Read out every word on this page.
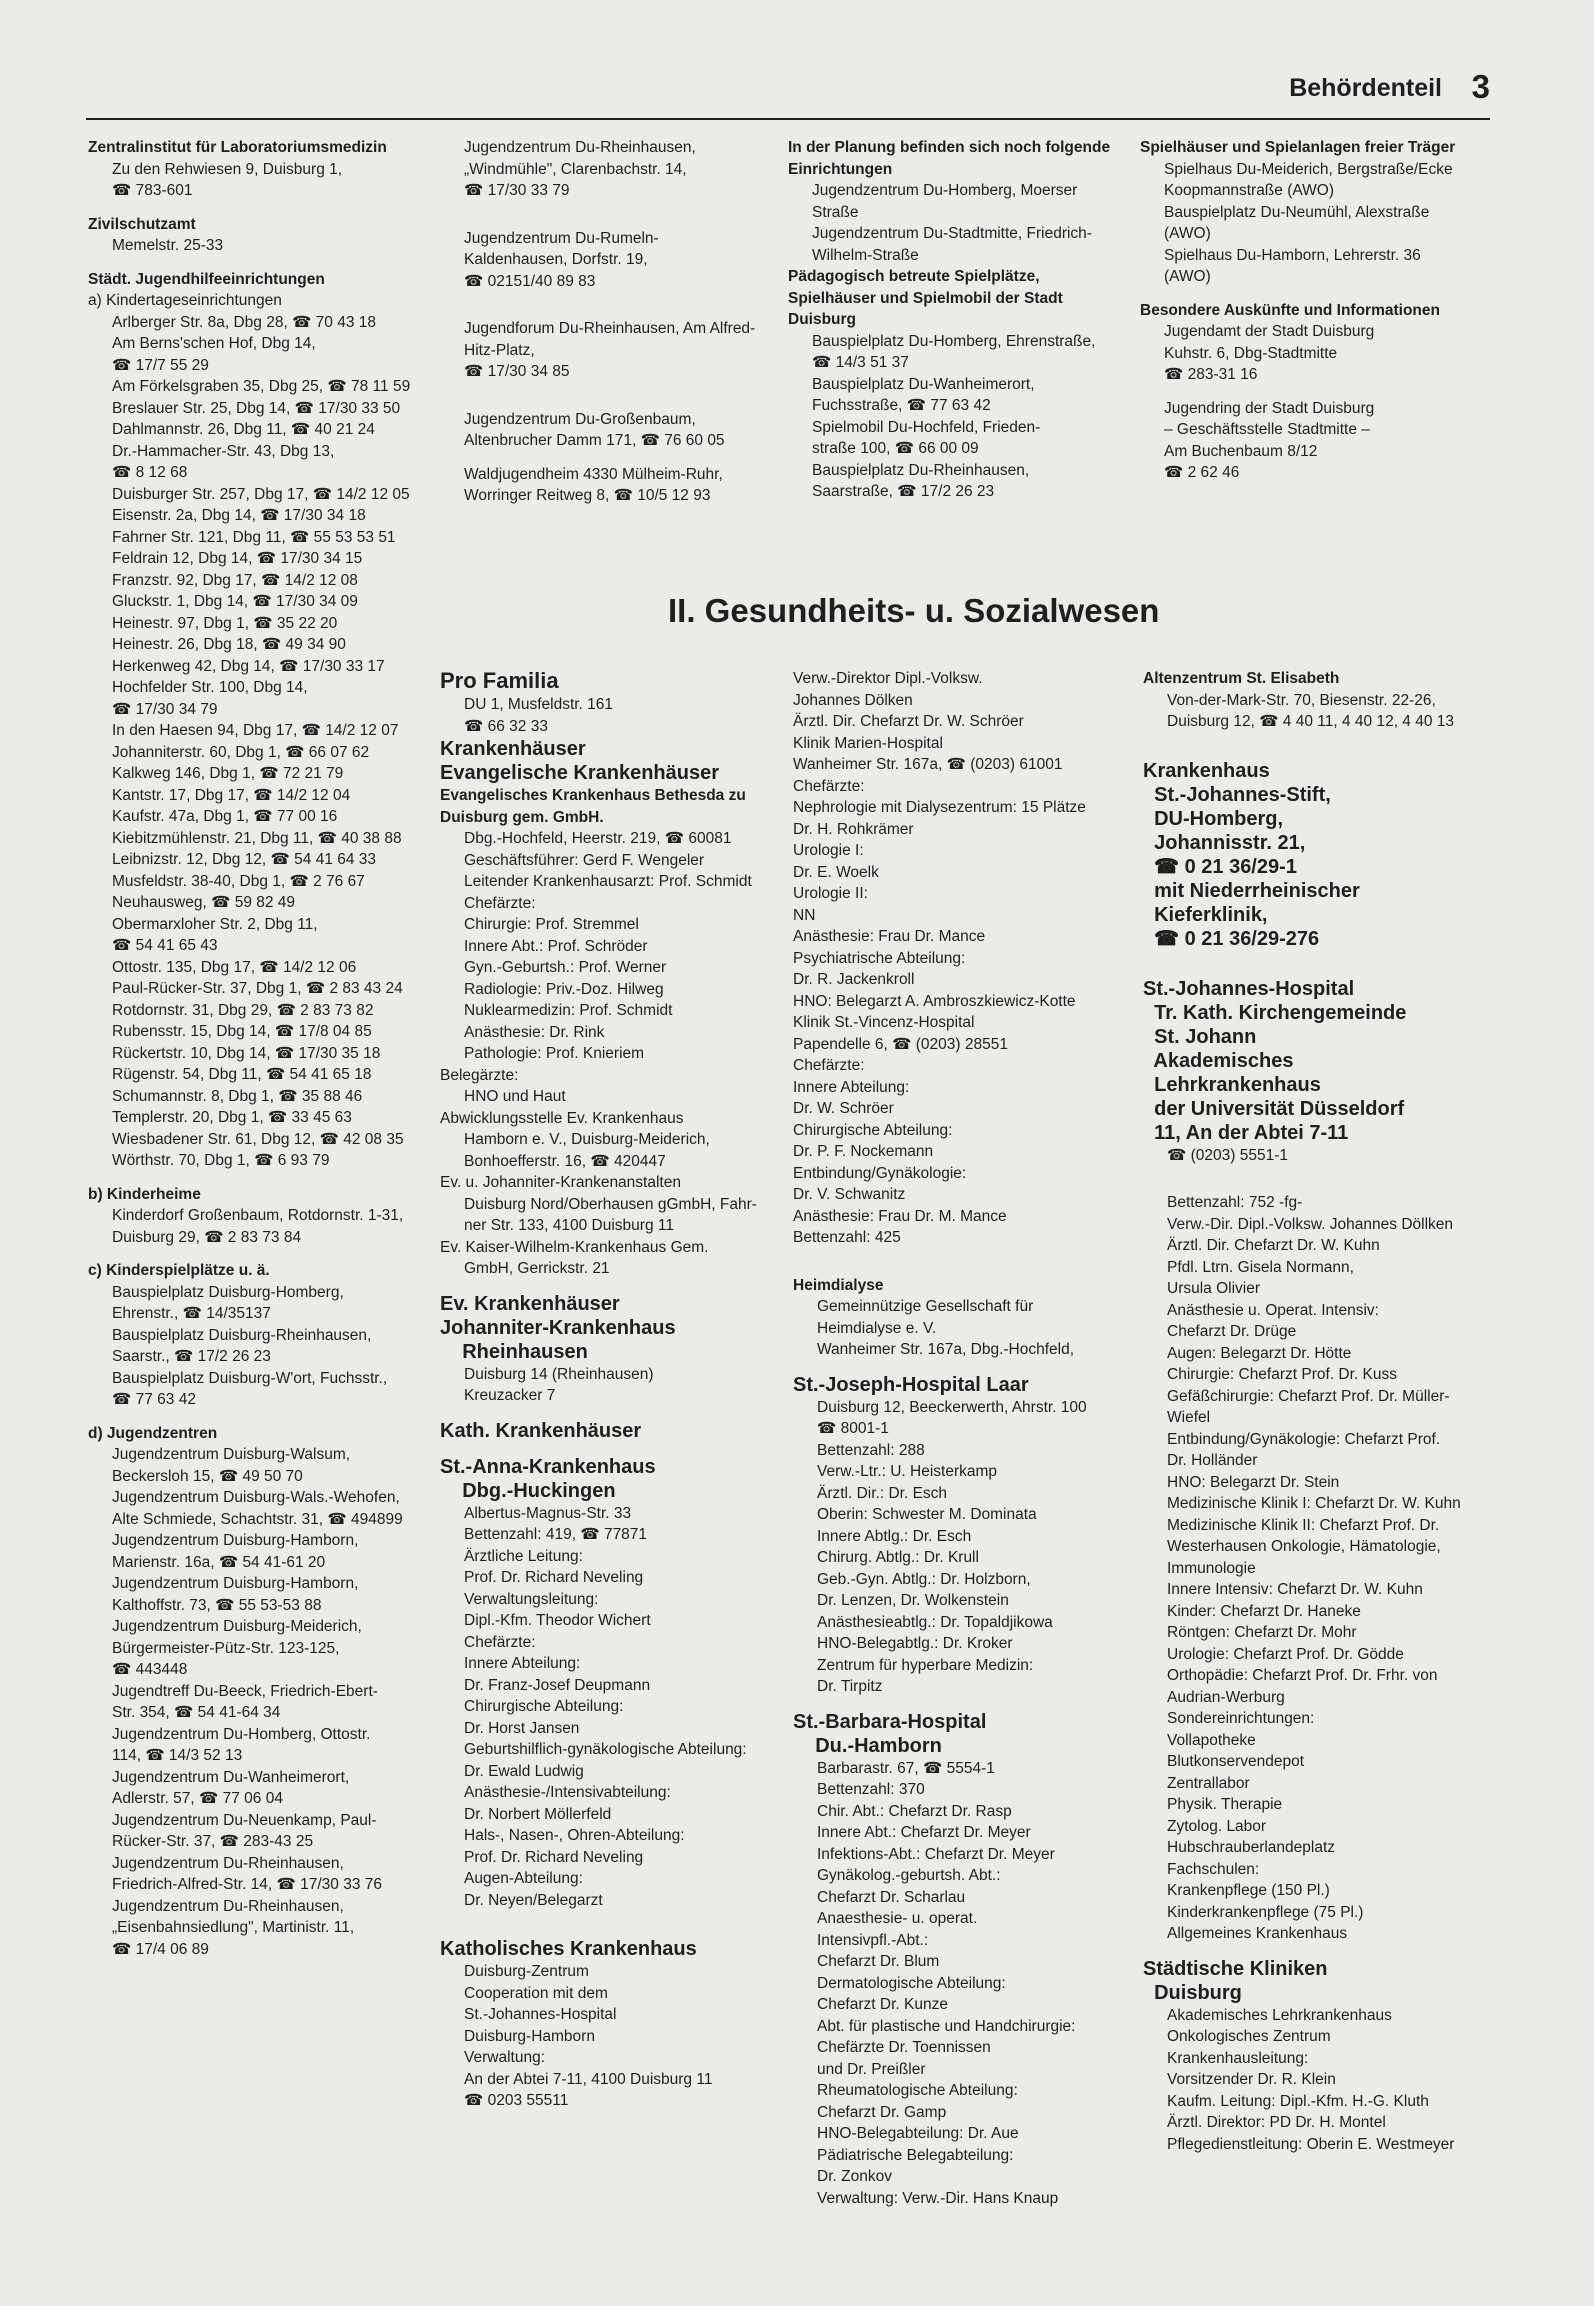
Behördenteil 3
Zentralinstitut für Laboratoriumsmedizin
Zu den Rehwiesen 9, Duisburg 1,
☎ 783-601
Zivilschutzamt
Memelstr. 25-33
Städt. Jugendhilfeeinrichtungen
a) Kindertageseinrichtungen
Arlberger Str. 8a, Dbg 28, ☎ 70 43 18
Am Berns'schen Hof, Dbg 14,
☎ 17/7 55 29
Am Förkelsgraben 35, Dbg 25, ☎ 78 11 59
Breslauer Str. 25, Dbg 14, ☎ 17/30 33 50
Dahlmannstr. 26, Dbg 11, ☎ 40 21 24
Dr.-Hammacher-Str. 43, Dbg 13,
☎ 8 12 68
Duisburger Str. 257, Dbg 17, ☎ 14/2 12 05
Eisenstr. 2a, Dbg 14, ☎ 17/30 34 18
Fahrner Str. 121, Dbg 11, ☎ 55 53 53 51
Feldrain 12, Dbg 14, ☎ 17/30 34 15
Franzstr. 92, Dbg 17, ☎ 14/2 12 08
Gluckstr. 1, Dbg 14, ☎ 17/30 34 09
Heinestr. 97, Dbg 1, ☎ 35 22 20
Heinestr. 26, Dbg 18, ☎ 49 34 90
Herkenweg 42, Dbg 14, ☎ 17/30 33 17
Hochfelder Str. 100, Dbg 14,
☎ 17/30 34 79
In den Haesen 94, Dbg 17, ☎ 14/2 12 07
Johanniterstr. 60, Dbg 1, ☎ 66 07 62
Kalkweg 146, Dbg 1, ☎ 72 21 79
Kantstr. 17, Dbg 17, ☎ 14/2 12 04
Kaufstr. 47a, Dbg 1, ☎ 77 00 16
Kiebitzmühlenstr. 21, Dbg 11, ☎ 40 38 88
Leibnizstr. 12, Dbg 12, ☎ 54 41 64 33
Musfeldstr. 38-40, Dbg 1, ☎ 2 76 67
Neuhausweg, ☎ 59 82 49
Obermarxloher Str. 2, Dbg 11,
☎ 54 41 65 43
Ottostr. 135, Dbg 17, ☎ 14/2 12 06
Paul-Rücker-Str. 37, Dbg 1, ☎ 2 83 43 24
Rotdornstr. 31, Dbg 29, ☎ 2 83 73 82
Rubensstr. 15, Dbg 14, ☎ 17/8 04 85
Rückertstr. 10, Dbg 14, ☎ 17/30 35 18
Rügenstr. 54, Dbg 11, ☎ 54 41 65 18
Schumannstr. 8, Dbg 1, ☎ 35 88 46
Templerstr. 20, Dbg 1, ☎ 33 45 63
Wiesbadener Str. 61, Dbg 12, ☎ 42 08 35
Wörthstr. 70, Dbg 1, ☎ 6 93 79
b) Kinderheime
Kinderdorf Großenbaum, Rotdornstr. 1-31,
Duisburg 29, ☎ 2 83 73 84
c) Kinderspielplätze u. ä.
Bauspielplatz Duisburg-Homberg,
Ehrenstr., ☎ 14/35137
Bauspielplatz Duisburg-Rheinhausen,
Saarstr., ☎ 17/2 26 23
Bauspielplatz Duisburg-W'ort, Fuchsstr.,
☎ 77 63 42
d) Jugendzentren
Jugendzentrum Duisburg-Walsum,
Beckersloh 15, ☎ 49 50 70
Jugendzentrum Duisburg-Wals.-Wehofen,
Alte Schmiede, Schachtstr. 31, ☎ 494899
Jugendzentrum Duisburg-Hamborn,
Marienstr. 16a, ☎ 54 41-61 20
Jugendzentrum Duisburg-Hamborn,
Kalthoffstr. 73, ☎ 55 53-53 88
Jugendzentrum Duisburg-Meiderich,
Bürgermeister-Pütz-Str. 123-125,
☎ 443448
Jugendtreff Du-Beeck, Friedrich-Ebert-
Str. 354, ☎ 54 41-64 34
Jugendzentrum Du-Homberg, Ottostr.
114, ☎ 14/3 52 13
Jugendzentrum Du-Wanheimerort,
Adlerstr. 57, ☎ 77 06 04
Jugendzentrum Du-Neuenkamp, Paul-
Rücker-Str. 37, ☎ 283-43 25
Jugendzentrum Du-Rheinhausen,
Friedrich-Alfred-Str. 14, ☎ 17/30 33 76
Jugendzentrum Du-Rheinhausen,
„Eisenbahnsiedlung", Martinistr. 11,
☎ 17/4 06 89
Jugendzentrum Du-Rheinhausen,
„Windmühle", Clarenbachstr. 14,
☎ 17/30 33 79
Jugendzentrum Du-Rumeln-
Kaldenhausen, Dorfstr. 19,
☎ 02151/40 89 83
Jugendforum Du-Rheinhausen, Am Alfred-
Hitz-Platz,
☎ 17/30 34 85
Jugendzentrum Du-Großenbaum,
Altenbrucher Damm 171, ☎ 76 60 05
Waldjugendheim 4330 Mülheim-Ruhr,
Worringer Reitweg 8, ☎ 10/5 12 93
In der Planung befinden sich noch folgende
Einrichtungen
Jugendzentrum Du-Homberg, Moerser
Straße
Jugendzentrum Du-Stadtmitte, Friedrich-
Wilhelm-Straße
Pädagogisch betreute Spielplätze,
Spielhäuser und Spielmobil der Stadt
Duisburg
Bauspielplatz Du-Homberg, Ehrenstraße,
☎ 14/3 51 37
Bauspielplatz Du-Wanheimerort,
Fuchsstraße, ☎ 77 63 42
Spielmobil Du-Hochfeld, Frieden-
straße 100, ☎ 66 00 09
Bauspielplatz Du-Rheinhausen,
Saarstraße, ☎ 17/2 26 23
Spielhäuser und Spielanlagen freier Träger
Spielhaus Du-Meiderich, Bergstraße/Ecke
Koopmannstraße (AWO)
Bauspielplatz Du-Neumühl, Alexstraße
(AWO)
Spielhaus Du-Hamborn, Lehrerstr. 36
(AWO)
Besondere Auskünfte und Informationen
Jugendamt der Stadt Duisburg
Kuhstr. 6, Dbg-Stadtmitte
☎ 283-31 16
Jugendring der Stadt Duisburg
– Geschäftsstelle Stadtmitte –
Am Buchenbaum 8/12
☎ 2 62 46
II. Gesundheits- u. Sozialwesen
Pro Familia
DU 1, Musfeldstr. 161
☎ 66 32 33
Krankenhäuser
Evangelische Krankenhäuser
Evangelisches Krankenhaus Bethesda zu
Duisburg gem. GmbH.
Dbg.-Hochfeld, Heerstr. 219, ☎ 60081
Geschäftsführer: Gerd F. Wengeler
Leitender Krankenhausarzt: Prof. Schmidt
Chefärzte:
Chirurgie: Prof. Stremmel
Innere Abt.: Prof. Schröder
Gyn.-Geburtsh.: Prof. Werner
Radiologie: Priv.-Doz. Hilweg
Nuklearmedizin: Prof. Schmidt
Anästhesie: Dr. Rink
Pathologie: Prof. Knieriem
Belegärzte:
HNO und Haut
Abwicklungsstelle Ev. Krankenhaus
Hamborn e. V., Duisburg-Meiderich,
Bonhoefferstr. 16, ☎ 420447
Ev. u. Johanniter-Krankenanstalten
Duisburg Nord/Oberhausen gGmbH, Fahr-
ner Str. 133, 4100 Duisburg 11
Ev. Kaiser-Wilhelm-Krankenhaus Gem.
GmbH, Gerrickstr. 21
Ev. Krankenhäuser
Johanniter-Krankenhaus
Rheinhausen
Duisburg 14 (Rheinhausen)
Kreuzacker 7
Kath. Krankenhäuser
St.-Anna-Krankenhaus
Dbg.-Huckingen
Albertus-Magnus-Str. 33
Bettenzahl: 419, ☎ 77871
Ärztliche Leitung:
Prof. Dr. Richard Neveling
Verwaltungsleitung:
Dipl.-Kfm. Theodor Wichert
Chefärzte:
Innere Abteilung:
Dr. Franz-Josef Deupmann
Chirurgische Abteilung:
Dr. Horst Jansen
Geburtshilflich-gynäkologische Abteilung:
Dr. Ewald Ludwig
Anästhesie-/Intensivabteilung:
Dr. Norbert Möllerfeld
Hals-, Nasen-, Ohren-Abteilung:
Prof. Dr. Richard Neveling
Augen-Abteilung:
Dr. Neyen/Belegarzt
Katholisches Krankenhaus
Duisburg-Zentrum
Cooperation mit dem
St.-Johannes-Hospital
Duisburg-Hamborn
Verwaltung:
An der Abtei 7-11, 4100 Duisburg 11
☎ 0203 55511
Verw.-Direktor Dipl.-Volksw.
Johannes Dölken
Ärztl. Dir. Chefarzt Dr. W. Schröer
Klinik Marien-Hospital
Wanheimer Str. 167a, ☎ (0203) 61001
Chefärzte:
Nephrologie mit Dialysezentrum: 15 Plätze
Dr. H. Rohkrämer
Urologie I:
Dr. E. Woelk
Urologie II:
NN
Anästhesie: Frau Dr. Mance
Psychiatrische Abteilung:
Dr. R. Jackenkroll
HNO: Belegarzt A. Ambroszkiewicz-Kotte
Klinik St.-Vincenz-Hospital
Papendelle 6, ☎ (0203) 28551
Chefärzte:
Innere Abteilung:
Dr. W. Schröer
Chirurgische Abteilung:
Dr. P. F. Nockemann
Entbindung/Gynäkologie:
Dr. V. Schwanitz
Anästhesie: Frau Dr. M. Mance
Bettenzahl: 425
Heimdialyse
Gemeinnützige Gesellschaft für
Heimdialyse e. V.
Wanheimer Str. 167a, Dbg.-Hochfeld,
St.-Joseph-Hospital Laar
Duisburg 12, Beeckerwerth, Ahrstr. 100
☎ 8001-1
Bettenzahl: 288
Verw.-Ltr.: U. Heisterkamp
Ärztl. Dir.: Dr. Esch
Oberin: Schwester M. Dominata
Innere Abtlg.: Dr. Esch
Chirurg. Abtlg.: Dr. Krull
Geb.-Gyn. Abtlg.: Dr. Holzborn,
Dr. Lenzen, Dr. Wolkenstein
Anästhesieabtlg.: Dr. Topaldjikowa
HNO-Belegabtlg.: Dr. Kroker
Zentrum für hyperbare Medizin:
Dr. Tirpitz
St.-Barbara-Hospital
Du.-Hamborn
Barbarastr. 67, ☎ 5554-1
Bettenzahl: 370
Chir. Abt.: Chefarzt Dr. Rasp
Innere Abt.: Chefarzt Dr. Meyer
Infektions-Abt.: Chefarzt Dr. Meyer
Gynäkolog.-geburtsh. Abt.:
Chefarzt Dr. Scharlau
Anaesthesie- u. operat.
Intensivpfl.-Abt.:
Chefarzt Dr. Blum
Dermatologische Abteilung:
Chefarzt Dr. Kunze
Abt. für plastische und Handchirurgie:
Chefärzte Dr. Toennissen
und Dr. Preißler
Rheumatologische Abteilung:
Chefarzt Dr. Gamp
HNO-Belegabteilung: Dr. Aue
Pädiatrische Belegabteilung:
Dr. Zonkov
Verwaltung: Verw.-Dir. Hans Knaup
Altenzentrum St. Elisabeth
Von-der-Mark-Str. 70, Biesenstr. 22-26,
Duisburg 12, ☎ 4 40 11, 4 40 12, 4 40 13
Krankenhaus
St.-Johannes-Stift,
DU-Homberg,
Johannisstr. 21,
☎ 0 21 36/29-1
mit Niederrheinischer
Kieferklinik,
☎ 0 21 36/29-276
St.-Johannes-Hospital
Tr. Kath. Kirchengemeinde
St. Johann
Akademisches
Lehrkrankenhaus
der Universität Düsseldorf
11, An der Abtei 7-11
☎ (0203) 5551-1
Bettenzahl: 752 -fg-
Verw.-Dir. Dipl.-Volksw. Johannes Döllken
Ärztl. Dir. Chefarzt Dr. W. Kuhn
Pfdl. Ltrn. Gisela Normann,
Ursula Olivier
Anästhesie u. Operat. Intensiv:
Chefarzt Dr. Drüge
Augen: Belegarzt Dr. Hötte
Chirurgie: Chefarzt Prof. Dr. Kuss
Gefäßchirurgie: Chefarzt Prof. Dr. Müller-
Wiefel
Entbindung/Gynäkologie: Chefarzt Prof.
Dr. Holländer
HNO: Belegarzt Dr. Stein
Medizinische Klinik I: Chefarzt Dr. W. Kuhn
Medizinische Klinik II: Chefarzt Prof. Dr.
Westerhausen Onkologie, Hämatologie,
Immunologie
Innere Intensiv: Chefarzt Dr. W. Kuhn
Kinder: Chefarzt Dr. Haneke
Röntgen: Chefarzt Dr. Mohr
Urologie: Chefarzt Prof. Dr. Gödde
Orthopädie: Chefarzt Prof. Dr. Frhr. von
Audrian-Werburg
Sondereinrichtungen:
Vollapotheke
Blutkonservendepot
Zentrallabor
Physik. Therapie
Zytolog. Labor
Hubschrauberlandeplatz
Fachschulen:
Krankenpflege (150 Pl.)
Kinderkrankenpflege (75 Pl.)
Allgemeines Krankenhaus
Städtische Kliniken
Duisburg
Akademisches Lehrkrankenhaus
Onkologisches Zentrum
Krankenhausleitung:
Vorsitzender Dr. R. Klein
Kaufm. Leitung: Dipl.-Kfm. H.-G. Kluth
Ärztl. Direktor: PD Dr. H. Montel
Pflegedienstleitung: Oberin E. Westmeyer
